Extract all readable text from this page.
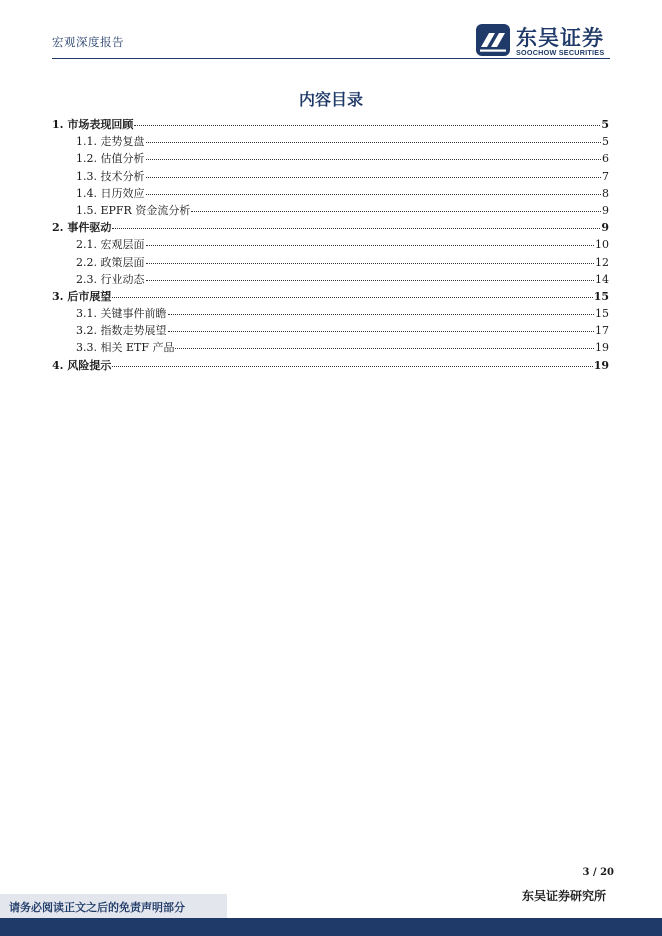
宏观深度报告	东吴证券
SOOCHOW SECURITIES
内容目录
1. 市场表现回顾	5
1.1. 走势复盘	5
1.2. 估值分析	6
1.3. 技术分析	7
1.4. 日历效应	8
1.5. EPFR 资金流分析	9
2. 事件驱动	9
2.1. 宏观层面	10
2.2. 政策层面	12
2.3. 行业动态	14
3. 后市展望	15
3.1. 关键事件前瞻	15
3.2. 指数走势展望	17
3.3. 相关 ETF 产品	19
4. 风险提示	19
3 / 20
东吴证券研究所
请务必阅读正文之后的免责声明部分
